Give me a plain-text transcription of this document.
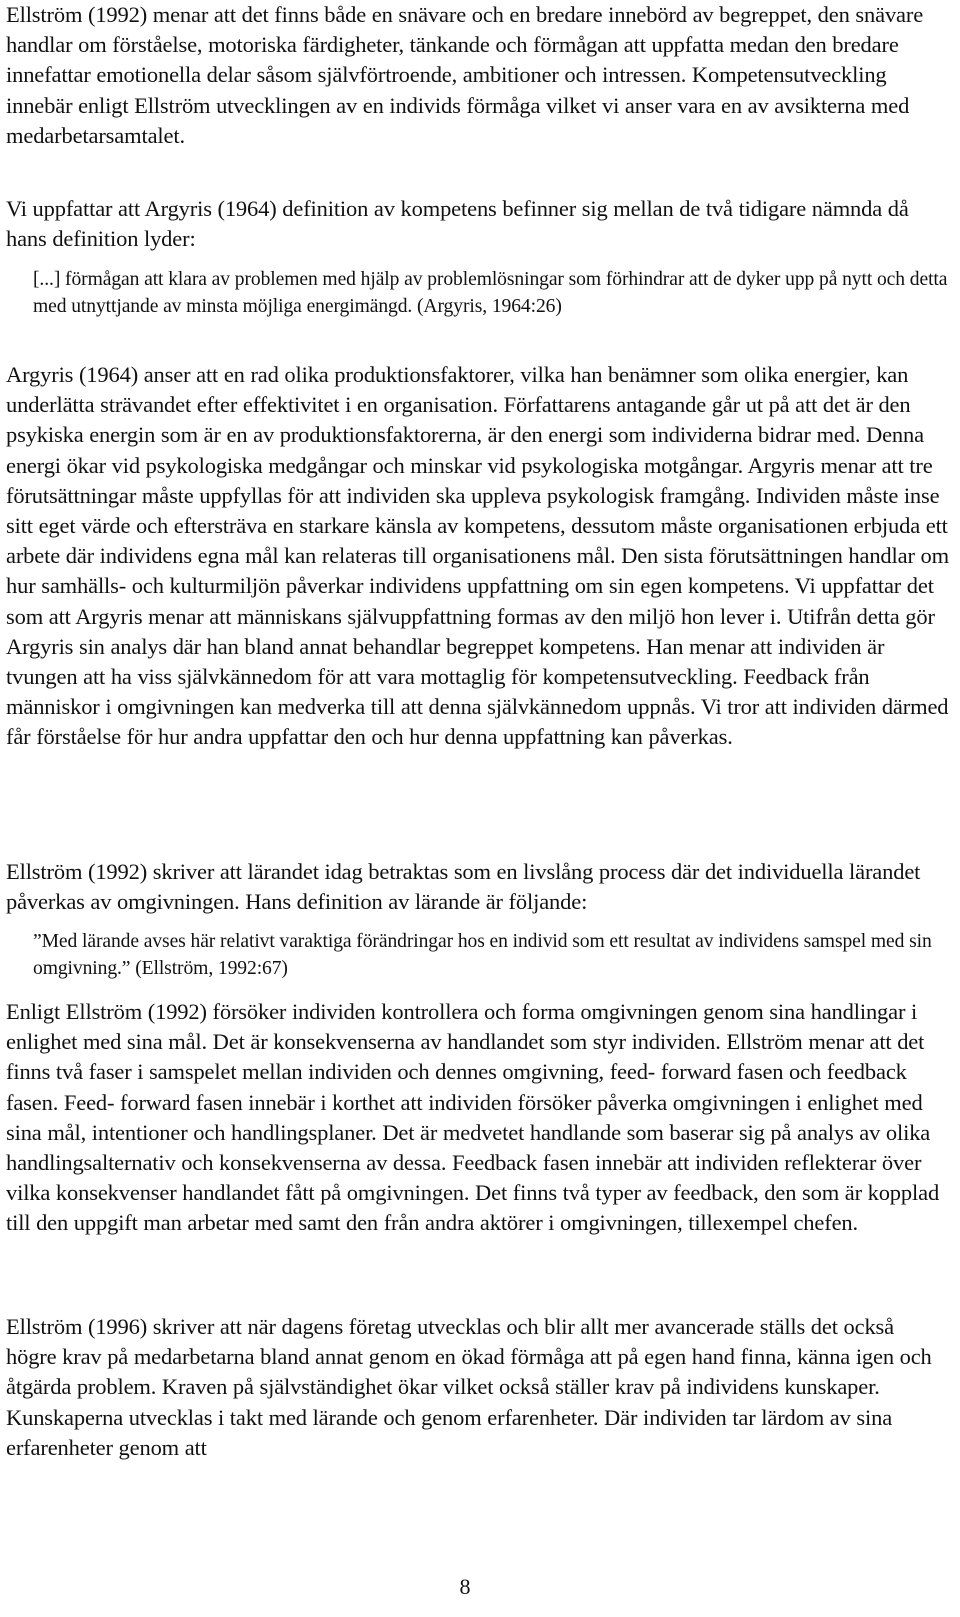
Ellström (1992) menar att det finns både en snävare och en bredare innebörd av begreppet, den snävare handlar om förståelse, motoriska färdigheter, tänkande och förmågan att uppfatta medan den bredare innefattar emotionella delar såsom självförtroende, ambitioner och intressen. Kompetensutveckling innebär enligt Ellström utvecklingen av en individs förmåga vilket vi anser vara en av avsikterna med medarbetarsamtalet.

Vi uppfattar att Argyris (1964) definition av kompetens befinner sig mellan de två tidigare nämnda då hans definition lyder:

[...] förmågan att klara av problemen med hjälp av problemlösningar som förhindrar att de dyker upp på nytt och detta med utnyttjande av minsta möjliga energimängd. (Argyris, 1964:26)

Argyris (1964) anser att en rad olika produktionsfaktorer, vilka han benämner som olika energier, kan underlätta strävandet efter effektivitet i en organisation. Författarens antagande går ut på att det är den psykiska energin som är en av produktionsfaktorerna, är den energi som individerna bidrar med. Denna energi ökar vid psykologiska medgångar och minskar vid psykologiska motgångar. Argyris menar att tre förutsättningar måste uppfyllas för att individen ska uppleva psykologisk framgång. Individen måste inse sitt eget värde och eftersträva en starkare känsla av kompetens, dessutom måste organisationen erbjuda ett arbete där individens egna mål kan relateras till organisationens mål. Den sista förutsättningen handlar om hur samhälls- och kulturmiljön påverkar individens uppfattning om sin egen kompetens. Vi uppfattar det som att Argyris menar att människans självuppfattning formas av den miljö hon lever i. Utifrån detta gör Argyris sin analys där han bland annat behandlar begreppet kompetens. Han menar att individen är tvungen att ha viss självkännedom för att vara mottaglig för kompetensutveckling. Feedback från människor i omgivningen kan medverka till att denna självkännedom uppnås. Vi tror att individen därmed får förståelse för hur andra uppfattar den och hur denna uppfattning kan påverkas.

Ellström (1992) skriver att lärandet idag betraktas som en livslång process där det individuella lärandet påverkas av omgivningen. Hans definition av lärande är följande:

”Med lärande avses här relativt varaktiga förändringar hos en individ som ett resultat av individens samspel med sin omgivning.” (Ellström, 1992:67)

Enligt Ellström (1992) försöker individen kontrollera och forma omgivningen genom sina handlingar i enlighet med sina mål. Det är konsekvenserna av handlandet som styr individen. Ellström menar att det finns två faser i samspelet mellan individen och dennes omgivning, feed- forward fasen och feedback fasen. Feed- forward fasen innebär i korthet att individen försöker påverka omgivningen i enlighet med sina mål, intentioner och handlingsplaner. Det är medvetet handlande som baserar sig på analys av olika handlingsalternativ och konsekvenserna av dessa. Feedback fasen innebär att individen reflekterar över vilka konsekvenser handlandet fått på omgivningen. Det finns två typer av feedback, den som är kopplad till den uppgift man arbetar med samt den från andra aktörer i omgivningen, tillexempel chefen.

Ellström (1996) skriver att när dagens företag utvecklas och blir allt mer avancerade ställs det också högre krav på medarbetarna bland annat genom en ökad förmåga att på egen hand finna, känna igen och åtgärda problem. Kraven på självständighet ökar vilket också ställer krav på individens kunskaper. Kunskaperna utvecklas i takt med lärande och genom erfarenheter. Där individen tar lärdom av sina erfarenheter genom att

8
